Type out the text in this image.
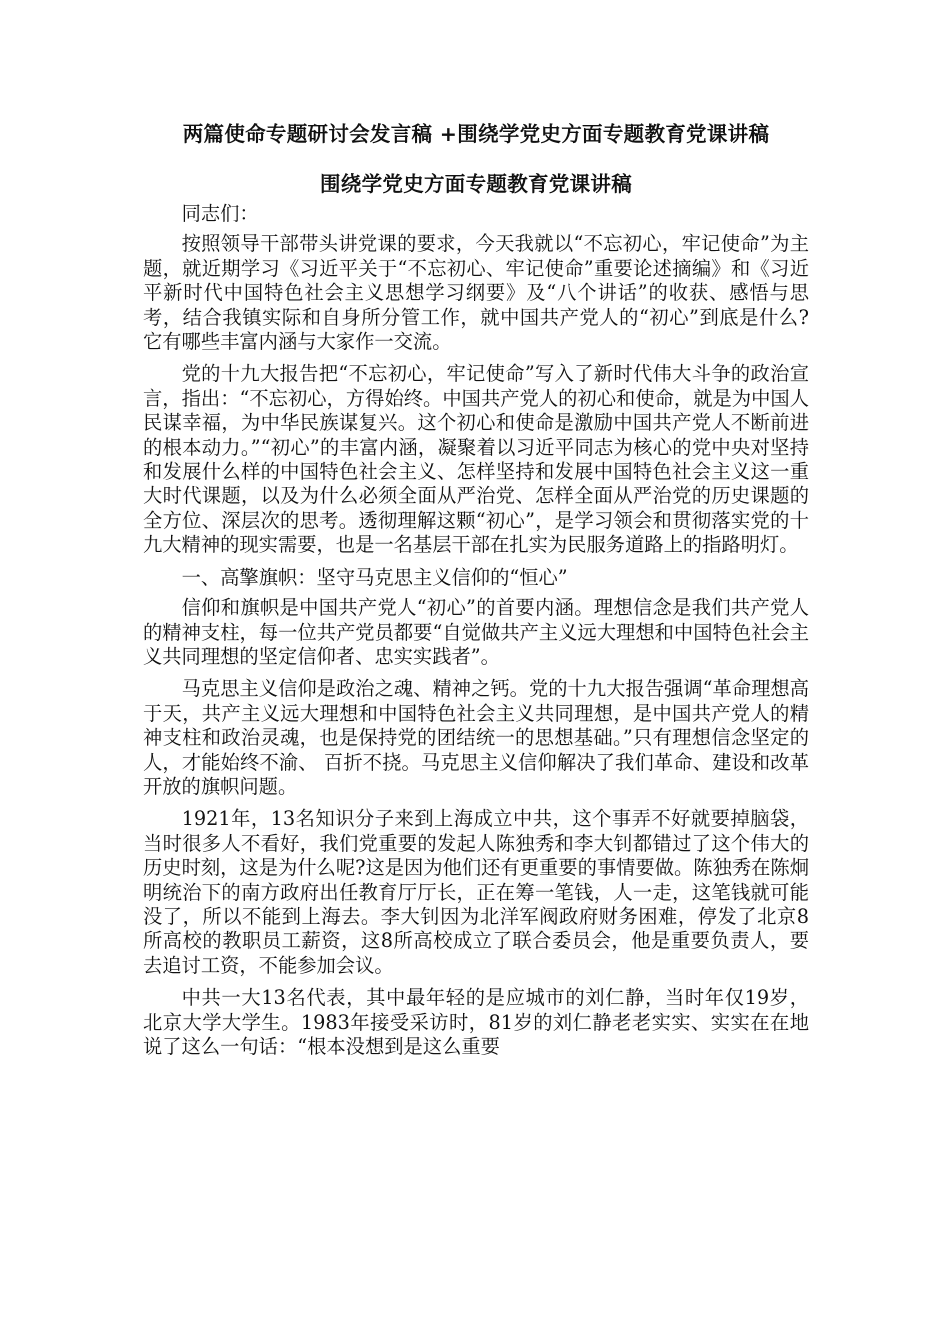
两篇使命专题研讨会发言稿 +围绕学党史方面专题教育党课讲稿
围绕学党史方面专题教育党课讲稿

同志们：

按照领导干部带头讲党课的要求，今天我就以“不忘初心，牢记使命”为主题，就近期学习《习近平关于“不忘初心、牢记使命”重要论述摘编》和《习近平新时代中国特色社会主义思想学习纲要》及“八个讲话”的收获、感悟与思考，结合我镇实际和自身所分管工作，就中国共产党人的“初心”到底是什么?它有哪些丰富内涵与大家作一交流。

党的十九大报告把“不忘初心，牢记使命”写入了新时代伟大斗争的政治宣言，指出：“不忘初心，方得始终。中国共产党人的初心和使命，就是为中国人民谋幸福，为中华民族谋复兴。这个初心和使命是激励中国共产党人不断前进的根本动力。”“初心”的丰富内涵，凝聚着以习近平同志为核心的党中央对坚持和发展什么样的中国特色社会主义、怎样坚持和发展中国特色社会主义这一重大时代课题，以及为什么必须全面从严治党、怎样全面从严治党的历史课题的全方位、深层次的思考。透彻理解这颗“初心”，是学习领会和贯彻落实党的十九大精神的现实需要，也是一名基层干部在扎实为民服务道路上的指路明灯。

一、高擎旗帜：坚守马克思主义信仰的“恒心”

信仰和旗帜是中国共产党人“初心”的首要内涵。理想信念是我们共产党人的精神支柱，每一位共产党员都要“自觉做共产主义远大理想和中国特色社会主义共同理想的坚定信仰者、忠实实践者”。

马克思主义信仰是政治之魂、精神之钙。党的十九大报告强调“革命理想高于天，共产主义远大理想和中国特色社会主义共同理想，是中国共产党人的精神支柱和政治灵魂，也是保持党的团结统一的思想基础。”只有理想信念坚定的人，才能始终不渝、 百折不挠。马克思主义信仰解决了我们革命、建设和改革开放的旗帜问题。

1921年，13名知识分子来到上海成立中共，这个事弄不好就要掉脑袋，当时很多人不看好，我们党重要的发起人陈独秀和李大钊都错过了这个伟大的历史时刻，这是为什么呢?这是因为他们还有更重要的事情要做。陈独秀在陈炯明统治下的南方政府出任教育厅厅长，正在筹一笔钱，人一走，这笔钱就可能没了，所以不能到上海去。李大钊因为北洋军阀政府财务困难，停发了北京8所高校的教职员工薪资，这8所高校成立了联合委员会，他是重要负责人，要去追讨工资，不能参加会议。

中共一大13名代表，其中最年轻的是应城市的刘仁静，当时年仅19岁，北京大学大学生。1983年接受采访时，81岁的刘仁静老老实实、实实在在地说了这么一句话：“根本没想到是这么重要
